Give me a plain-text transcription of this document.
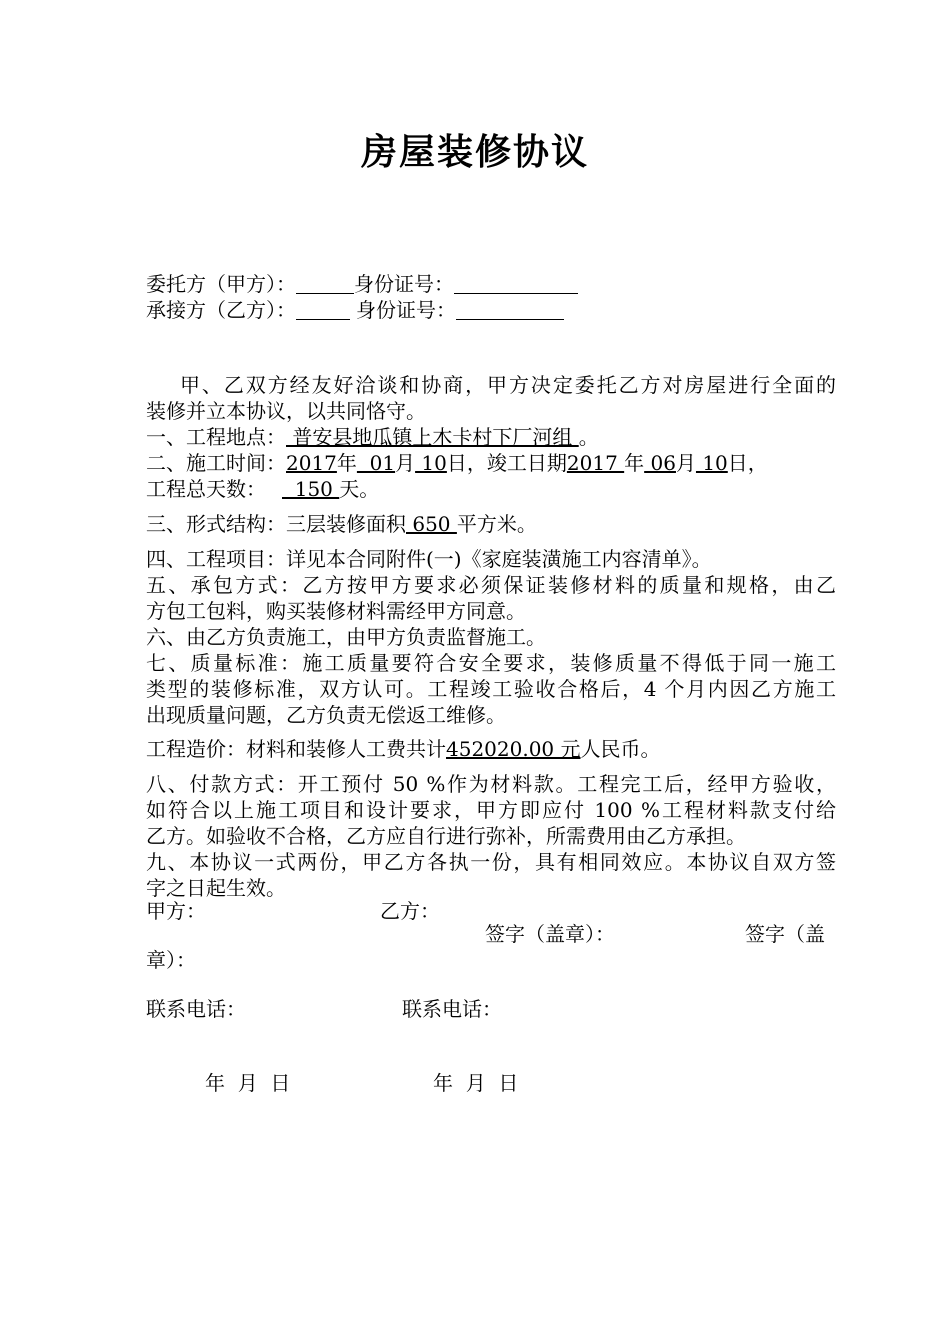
房屋装修协议
委托方（甲方）：	身份证号：
承接方（乙方）：	身份证号：
甲、乙双方经友好洽谈和协商，甲方决定委托乙方对房屋进行全面的
装修并立本协议，以共同恪守。
一、工程地点： 普安县地瓜镇上木卡村下厂河组 。
二、施工时间：2017年  01月 10日，竣工日期2017 年 06月 10日，
工程总天数：  150 天。
三、形式结构：三层装修面积 650 平方米。
四、工程项目：详见本合同附件(一)《家庭装潢施工内容清单》。
五、承包方式：乙方按甲方要求必须保证装修材料的质量和规格，由乙
方包工包料，购买装修材料需经甲方同意。
六、由乙方负责施工，由甲方负责监督施工。
七、质量标准：施工质量要符合安全要求，装修质量不得低于同一施工
类型的装修标准，双方认可。工程竣工验收合格后，4 个月内因乙方施工
出现质量问题，乙方负责无偿返工维修。
工程造价：材料和装修人工费共计452020.00 元人民币。
八、付款方式：开工预付 50 %作为材料款。工程完工后，经甲方验收，
如符合以上施工项目和设计要求，甲方即应付 100 %工程材料款支付给
乙方。如验收不合格，乙方应自行进行弥补，所需费用由乙方承担。
九、本协议一式两份，甲乙方各执一份，具有相同效应。本协议自双方签
字之日起生效。
甲方：	乙方：
签字（盖章）：	签字（盖
章）：
联系电话：	联系电话：
年  月  日	年  月  日
